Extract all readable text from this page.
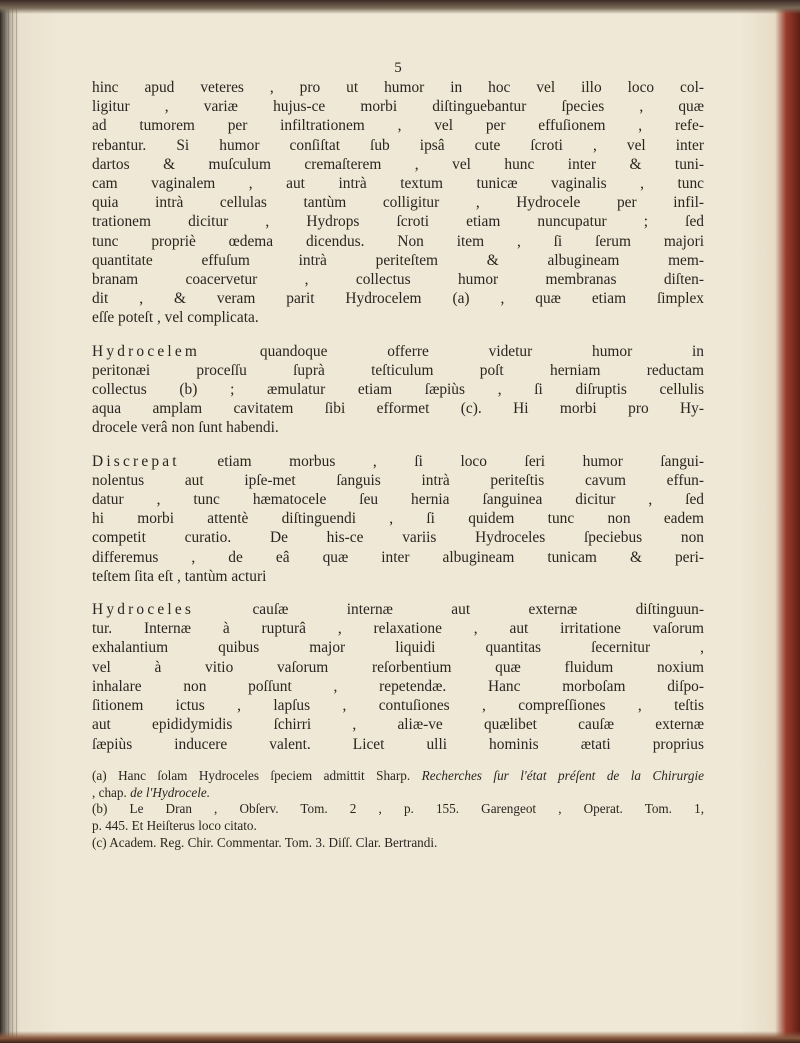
5

hinc apud veteres , pro ut humor in hoc vel illo loco col-
ligitur , variæ hujus-ce morbi diſtinguebantur ſpecies , quæ
ad tumorem per infiltrationem , vel per effuſionem , refe-
rebantur. Si humor conſiſtat ſub ipsâ cute ſcroti , vel inter
dartos & muſculum cremaſterem , vel hunc inter & tuni-
cam vaginalem , aut intrà textum tunicæ vaginalis , tunc
quia intrà cellulas tantùm colligitur , Hydrocele per infil-
trationem dicitur , Hydrops ſcroti etiam nuncupatur ; ſed
tunc propriè œdema dicendus. Non item , ſi ſerum majori
quantitate effuſum intrà periteſtem & albugineam mem-
branam coacervetur , collectus humor membranas diſten-
dit , & veram parit Hydrocelem (a) , quæ etiam ſimplex
eſſe poteſt , vel complicata.

Hydrocelem quandoque offerre videtur humor in
peritonæi proceſſu ſuprà teſticulum poſt herniam reductam
collectus (b) ; æmulatur etiam ſæpiùs , ſi diſruptis cellulis
aqua amplam cavitatem ſibi efformet (c). Hi morbi pro Hy-
drocele verâ non ſunt habendi.

Discrepat etiam morbus , ſi loco ſeri humor ſangui-
nolentus aut ipſe-met ſanguis intrà periteſtis cavum effun-
datur , tunc hæmatocele ſeu hernia ſanguinea dicitur , ſed
hi morbi attentè diſtinguendi , ſi quidem tunc non eadem
competit curatio. De his-ce variis Hydroceles ſpeciebus non
differemus , de eâ quæ inter albugineam tunicam & peri-
teſtem ſita eſt , tantùm acturi

Hydroceles cauſæ internæ aut externæ diſtinguun-
tur. Internæ à rupturâ , relaxatione , aut irritatione vaſorum
exhalantium quibus major liquidi quantitas ſecernitur ,
vel à vitio vaſorum reſorbentium quæ fluidum noxium
inhalare non poſſunt , repetendæ. Hanc morboſam diſpo-
ſitionem ictus , lapſus , contuſiones , compreſſiones , teſtis
aut epididymidis ſchirri , aliæ-ve quælibet cauſæ externæ
ſæpiùs inducere valent. Licet ulli hominis ætati proprius

(a) Hanc ſolam Hydroceles ſpeciem admittit Sharp. Recherches ſur l'état préſent de la Chirurgie
, chap. de l'Hydrocele.

(b) Le Dran , Obſerv. Tom. 2 , p. 155. Garengeot , Operat. Tom. 1,
p. 445. Et Heiſterus loco citato.

(c) Academ. Reg. Chir. Commentar. Tom. 3. Diſſ. Clar. Bertrandi.
